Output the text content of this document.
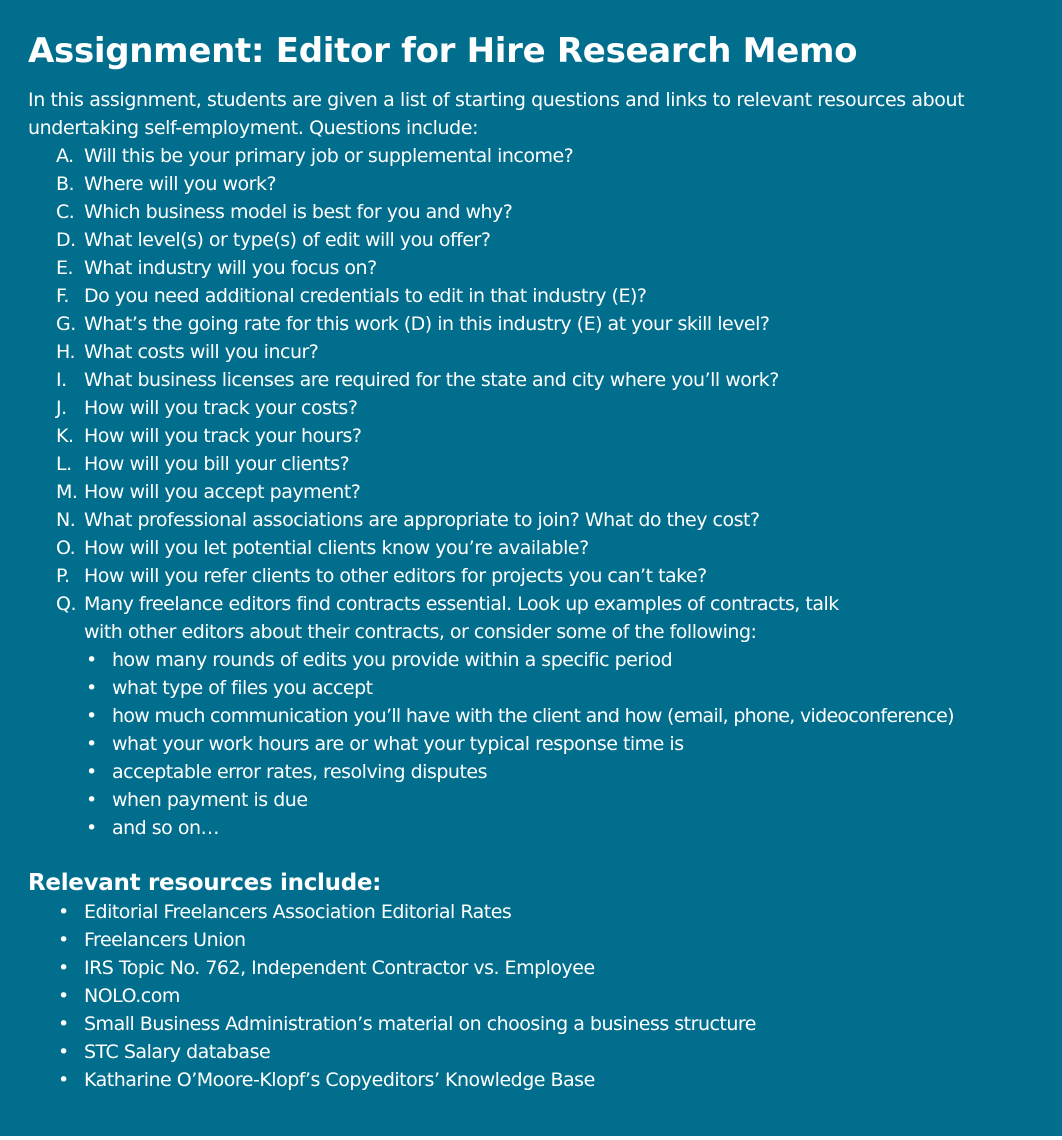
Assignment: Editor for Hire Research Memo

In this assignment, students are given a list of starting questions and links to relevant resources about undertaking self-employment. Questions include:

A. Will this be your primary job or supplemental income?
B. Where will you work?
C. Which business model is best for you and why?
D. What level(s) or type(s) of edit will you offer?
E. What industry will you focus on?
F. Do you need additional credentials to edit in that industry (E)?
G. What’s the going rate for this work (D) in this industry (E) at your skill level?
H. What costs will you incur?
I. What business licenses are required for the state and city where you’ll work?
J. How will you track your costs?
K. How will you track your hours?
L. How will you bill your clients?
M. How will you accept payment?
N. What professional associations are appropriate to join? What do they cost?
O. How will you let potential clients know you’re available?
P. How will you refer clients to other editors for projects you can’t take?
Q. Many freelance editors find contracts essential. Look up examples of contracts, talk with other editors about their contracts, or consider some of the following:
• how many rounds of edits you provide within a specific period
• what type of files you accept
• how much communication you’ll have with the client and how (email, phone, videoconference)
• what your work hours are or what your typical response time is
• acceptable error rates, resolving disputes
• when payment is due
• and so on…
Relevant resources include:
• Editorial Freelancers Association Editorial Rates
• Freelancers Union
• IRS Topic No. 762, Independent Contractor vs. Employee
• NOLO.com
• Small Business Administration’s material on choosing a business structure
• STC Salary database
• Katharine O’Moore-Klopf’s Copyeditors’ Knowledge Base
